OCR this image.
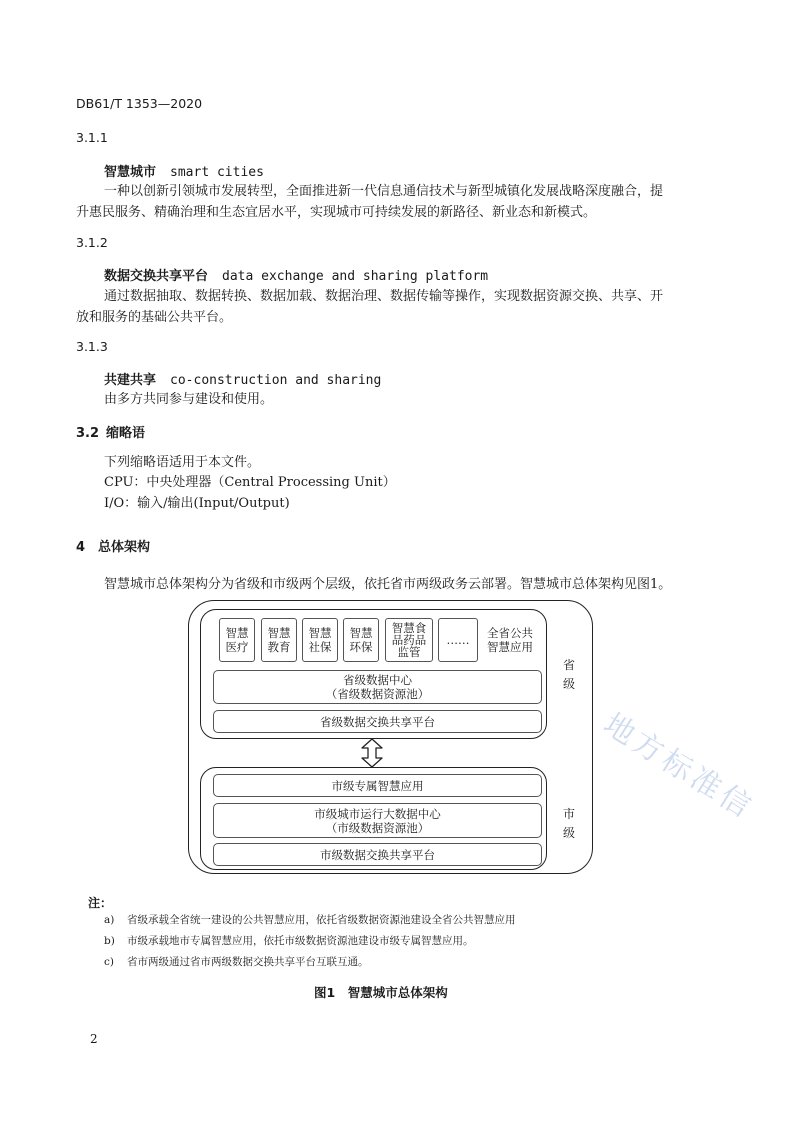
DB61/T 1353—2020
3.1.1
智慧城市 smart cities
一种以创新引领城市发展转型，全面推进新一代信息通信技术与新型城镇化发展战略深度融合，提
升惠民服务、精确治理和生态宜居水平，实现城市可持续发展的新路径、新业态和新模式。
3.1.2
数据交换共享平台 data exchange and sharing platform
通过数据抽取、数据转换、数据加载、数据治理、数据传输等操作，实现数据资源交换、共享、开
放和服务的基础公共平台。
3.1.3
共建共享 co-construction and sharing
由多方共同参与建设和使用。
3.2 缩略语
下列缩略语适用于本文件。
CPU：中央处理器（Central Processing Unit）
I/O：输入/输出(Input/Output)
4 总体架构
智慧城市总体架构分为省级和市级两个层级，依托省市两级政务云部署。智慧城市总体架构见图1。
智慧
医疗
智慧
教育
智慧
社保
智慧
环保
智慧食
品药品
监管
……	全省公共
智慧应用
省级数据中心
（省级数据资源池）
省级数据交换共享平台
省
级
市级专属智慧应用
市级城市运行大数据中心
（市级数据资源池）
市级数据交换共享平台
市
级
注：
a) 省级承载全省统一建设的公共智慧应用，依托省级数据资源池建设全省公共智慧应用
b) 市级承载地市专属智慧应用，依托市级数据资源池建设市级专属智慧应用。
c) 省市两级通过省市两级数据交换共享平台互联互通。
图1　智慧城市总体架构
2
地方标准信
